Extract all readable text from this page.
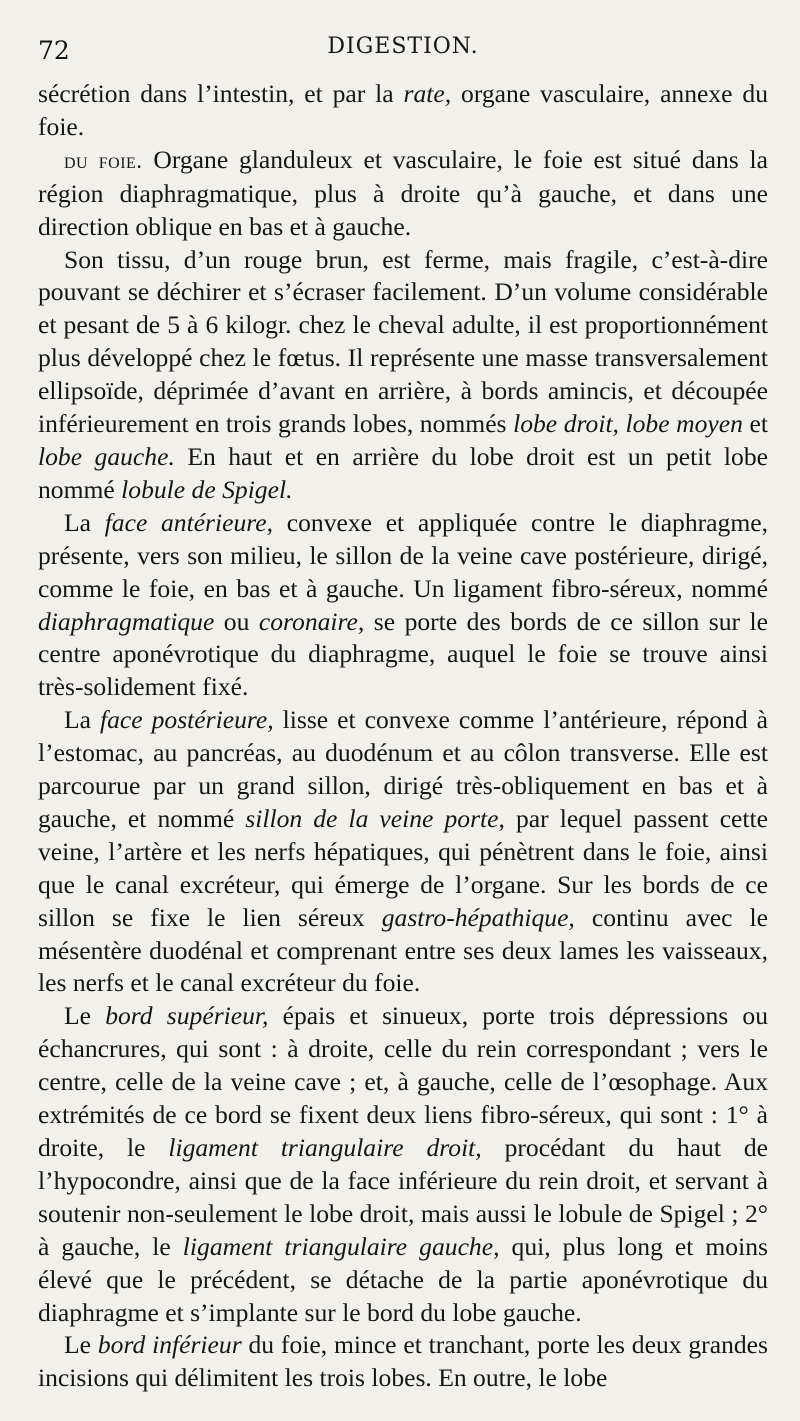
72	DIGESTION.

sécrétion dans l’intestin, et par la rate, organe vasculaire, annexe du foie.

du foie. Organe glanduleux et vasculaire, le foie est situé dans la région diaphragmatique, plus à droite qu’à gauche, et dans une direction oblique en bas et à gauche.

Son tissu, d’un rouge brun, est ferme, mais fragile, c’est-à-dire pouvant se déchirer et s’écraser facilement. D’un volume considérable et pesant de 5 à 6 kilogr. chez le cheval adulte, il est proportionnément plus développé chez le fœtus. Il représente une masse transversalement ellipsoïde, déprimée d’avant en arrière, à bords amincis, et découpée inférieurement en trois grands lobes, nommés lobe droit, lobe moyen et lobe gauche. En haut et en arrière du lobe droit est un petit lobe nommé lobule de Spigel.

La face antérieure, convexe et appliquée contre le diaphragme, présente, vers son milieu, le sillon de la veine cave postérieure, dirigé, comme le foie, en bas et à gauche. Un ligament fibro-séreux, nommé diaphragmatique ou coronaire, se porte des bords de ce sillon sur le centre aponévrotique du diaphragme, auquel le foie se trouve ainsi très-solidement fixé.

La face postérieure, lisse et convexe comme l’antérieure, répond à l’estomac, au pancréas, au duodénum et au côlon transverse. Elle est parcourue par un grand sillon, dirigé très-obliquement en bas et à gauche, et nommé sillon de la veine porte, par lequel passent cette veine, l’artère et les nerfs hépatiques, qui pénètrent dans le foie, ainsi que le canal excréteur, qui émerge de l’organe. Sur les bords de ce sillon se fixe le lien séreux gastro-hépathique, continu avec le mésentère duodénal et comprenant entre ses deux lames les vaisseaux, les nerfs et le canal excréteur du foie.

Le bord supérieur, épais et sinueux, porte trois dépressions ou échancrures, qui sont : à droite, celle du rein correspondant ; vers le centre, celle de la veine cave ; et, à gauche, celle de l’œsophage. Aux extrémités de ce bord se fixent deux liens fibro-séreux, qui sont : 1° à droite, le ligament triangulaire droit, procédant du haut de l’hypocondre, ainsi que de la face inférieure du rein droit, et servant à soutenir non-seulement le lobe droit, mais aussi le lobule de Spigel ; 2° à gauche, le ligament triangulaire gauche, qui, plus long et moins élevé que le précédent, se détache de la partie aponévrotique du diaphragme et s’implante sur le bord du lobe gauche.

Le bord inférieur du foie, mince et tranchant, porte les deux grandes incisions qui délimitent les trois lobes. En outre, le lobe
